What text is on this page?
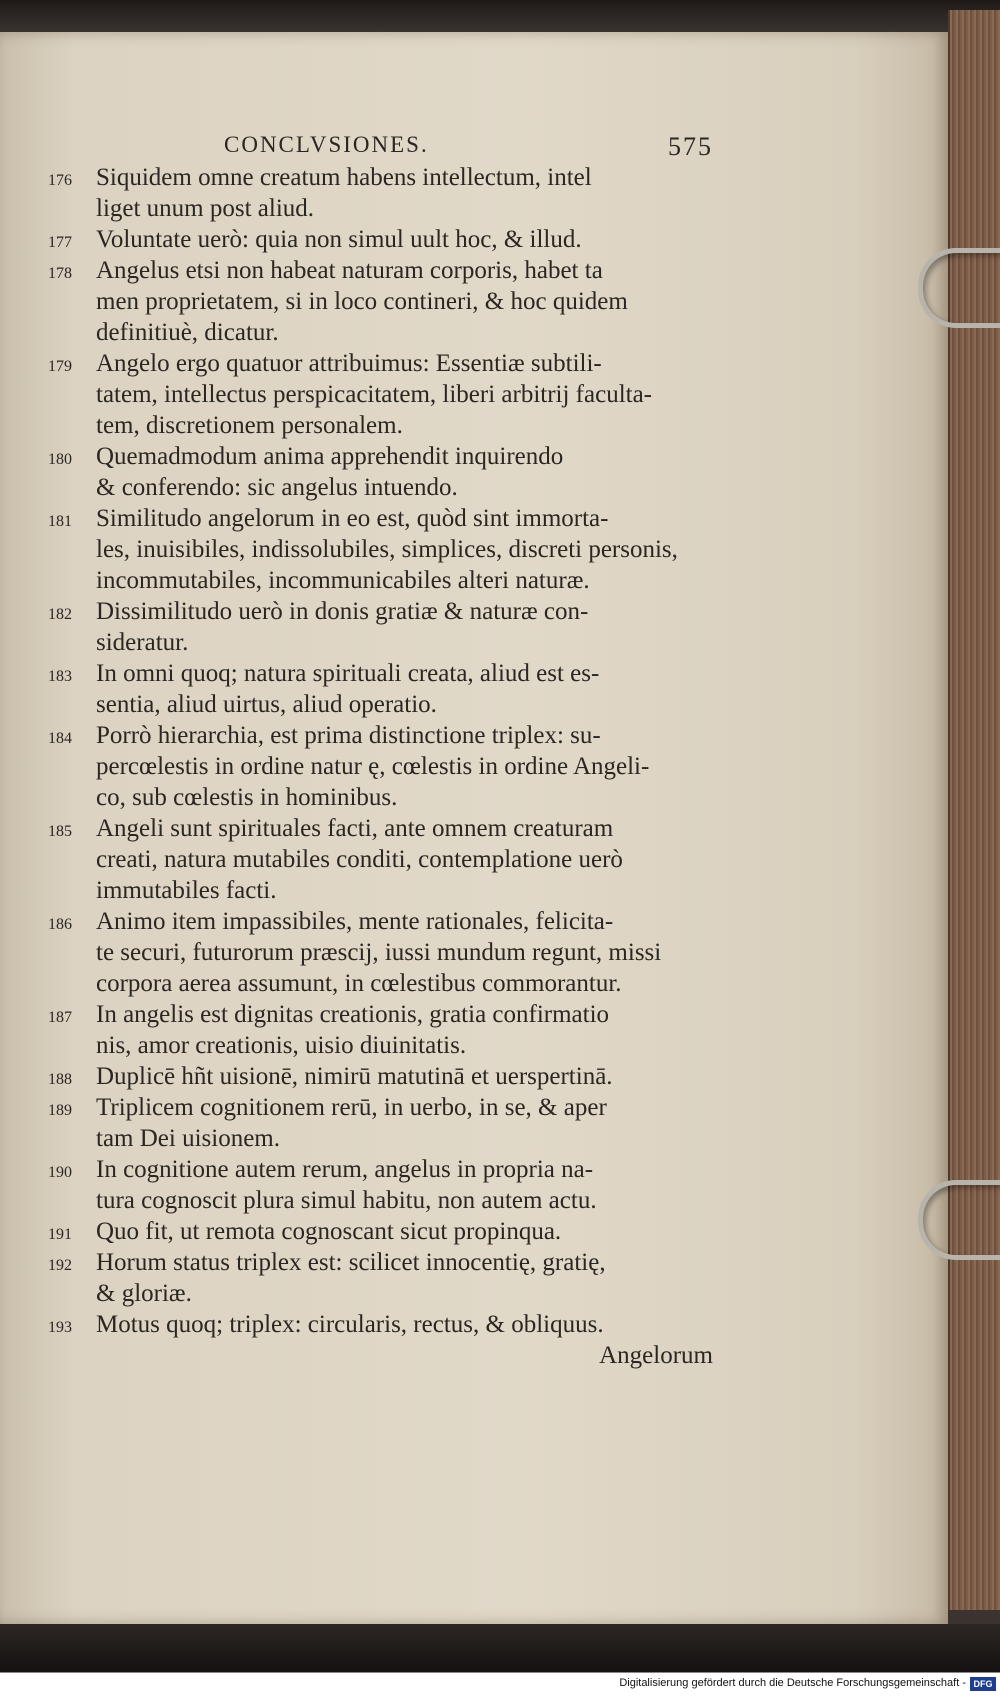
CONCLVSIONES.	575
176 Siquidem omne creatum habens intellectum, intel
liget unum post aliud.
177 Voluntate uerò: quia non simul uult hoc, & illud.
178 Angelus etsi non habeat naturam corporis, habet ta
men proprietatem, si in loco contineri, & hoc quidem
definitiuè, dicatur.
179 Angelo ergo quatuor attribuimus: Essentiæ subtili-
tatem, intellectus perspicacitatem, liberi arbitrij faculta-
tem, discretionem personalem.
180 Quemadmodum anima apprehendit inquirendo
& conferendo: sic angelus intuendo.
181 Similitudo angelorum in eo est, quòd sint immorta-
les, inuisibiles, indissolubiles, simplices, discreti personis,
incommutabiles, incommunicabiles alteri naturæ.
182 Dissimilitudo uerò in donis gratiæ & naturæ con-
sideratur.
183 In omni quoq; natura spirituali creata, aliud est es-
sentia, aliud uirtus, aliud operatio.
184 Porrò hierarchia, est prima distinctione triplex: su-
percœlestis in ordine natur ę, cœlestis in ordine Angeli-
co, sub cœlestis in hominibus.
185 Angeli sunt spirituales facti, ante omnem creaturam
creati, natura mutabiles conditi, contemplatione uerò
immutabiles facti.
186 Animo item impassibiles, mente rationales, felicita-
te securi, futurorum præscij, iussi mundum regunt, missi
corpora aerea assumunt, in cœlestibus commorantur.
187 In angelis est dignitas creationis, gratia confirmatio
nis, amor creationis, uisio diuinitatis.
188 Duplicē hñt uisionē, nimirū matutinā et uerspertinā.
189 Triplicem cognitionem rerū, in uerbo, in se, & aper
tam Dei uisionem.
190 In cognitione autem rerum, angelus in propria na-
tura cognoscit plura simul habitu, non autem actu.
191 Quo fit, ut remota cognoscant sicut propinqua.
192 Horum status triplex est: scilicet innocentię, gratię,
& gloriæ.
193 Motus quoq; triplex: circularis, rectus, & obliquus.
Angelorum
Digitalisierung gefördert durch die Deutsche Forschungsgemeinschaft - DFG
